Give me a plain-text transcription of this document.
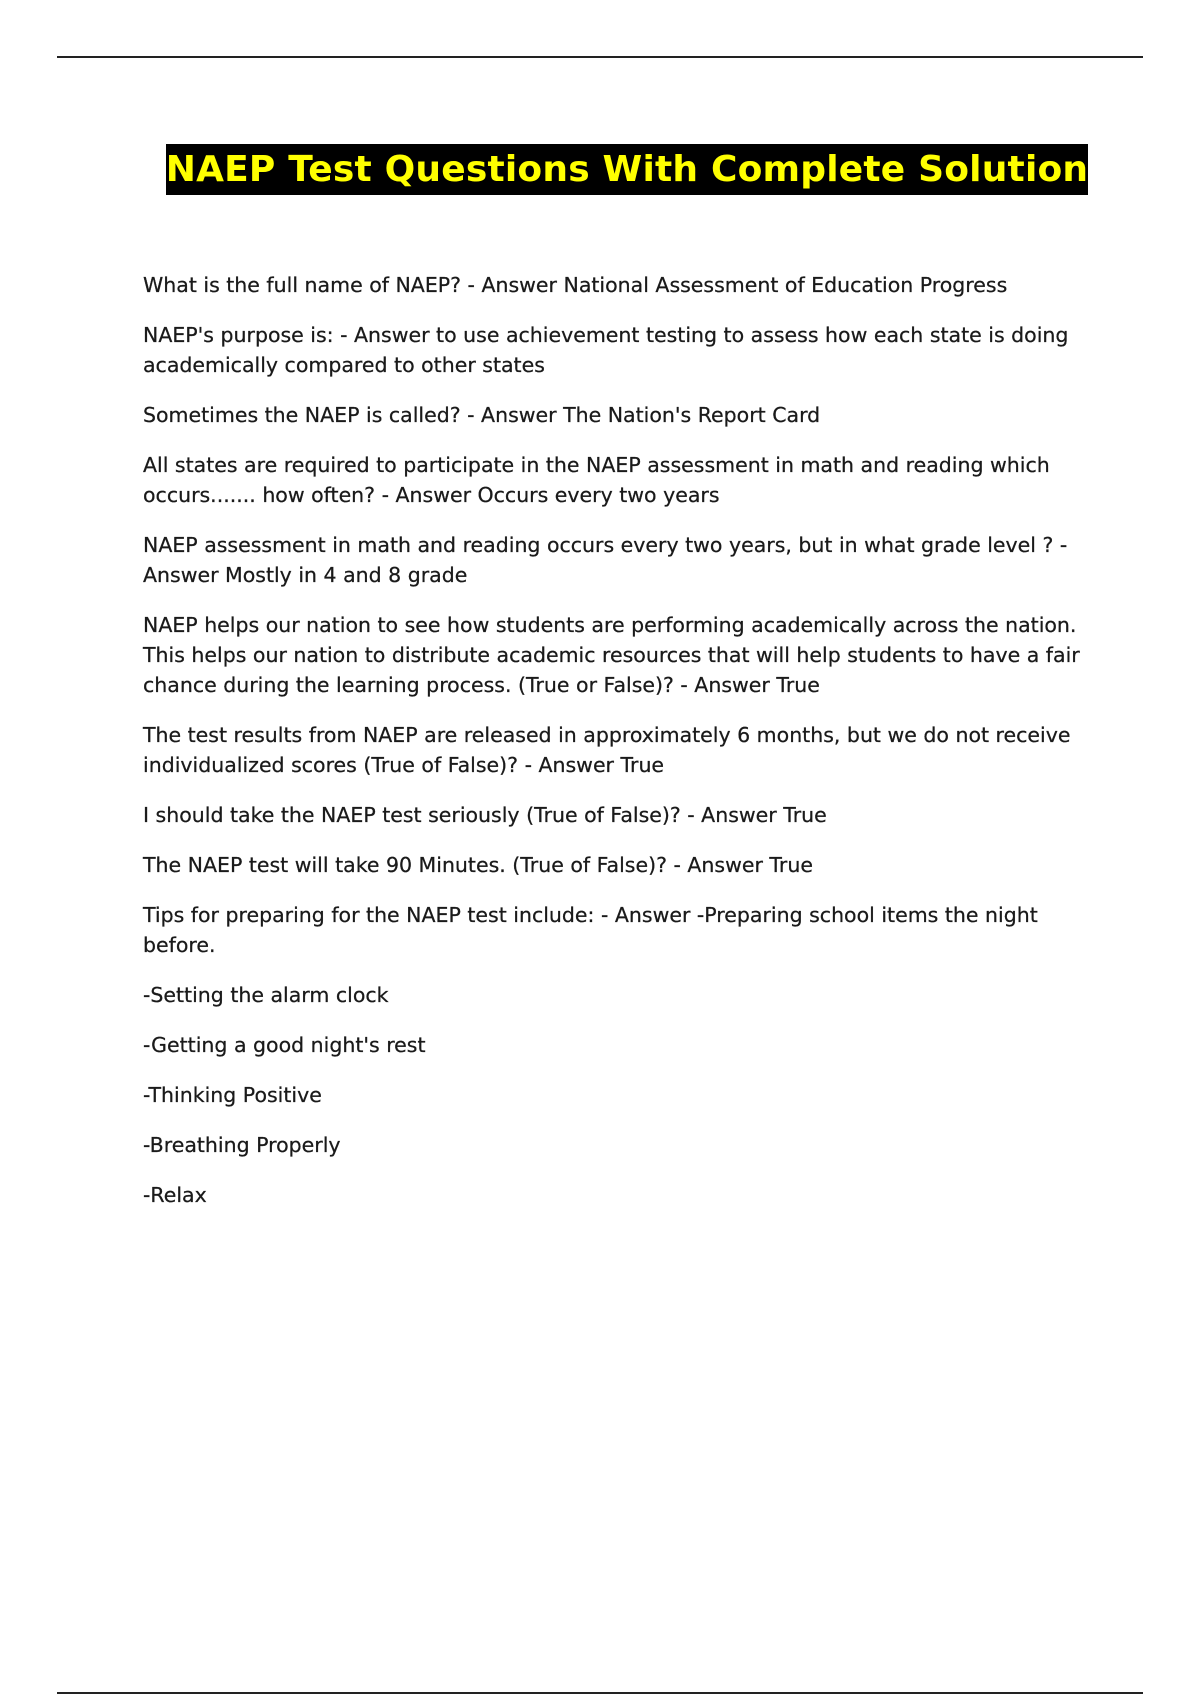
NAEP Test Questions With Complete Solution

What is the full name of NAEP? - Answer National Assessment of Education Progress

NAEP's purpose is: - Answer to use achievement testing to assess how each state is doing academically compared to other states

Sometimes the NAEP is called? - Answer The Nation's Report Card

All states are required to participate in the NAEP assessment in math and reading which occurs....... how often? - Answer Occurs every two years

NAEP assessment in math and reading occurs every two years, but in what grade level ? - Answer Mostly in 4 and 8 grade

NAEP helps our nation to see how students are performing academically across the nation. This helps our nation to distribute academic resources that will help students to have a fair chance during the learning process. (True or False)? - Answer True

The test results from NAEP are released in approximately 6 months, but we do not receive individualized scores (True of False)? - Answer True

I should take the NAEP test seriously (True of False)? - Answer True

The NAEP test will take 90 Minutes. (True of False)? - Answer True

Tips for preparing for the NAEP test include: - Answer -Preparing school items the night before.

-Setting the alarm clock

-Getting a good night's rest

-Thinking Positive

-Breathing Properly

-Relax
